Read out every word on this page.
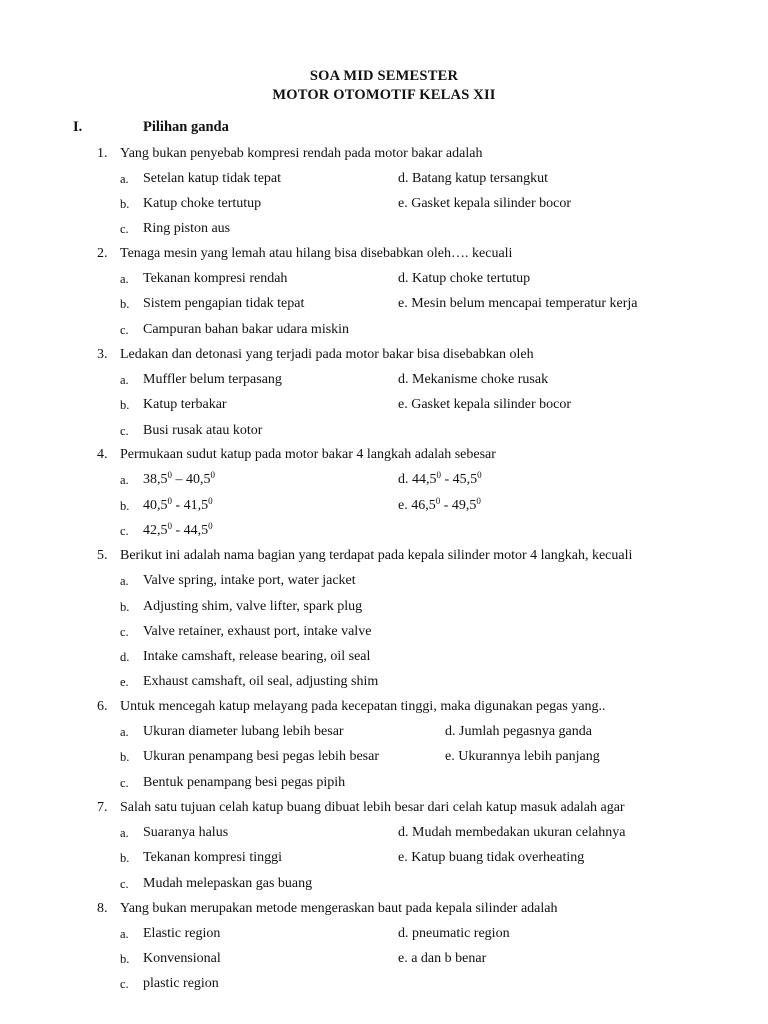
SOA MID SEMESTER
MOTOR OTOMOTIF KELAS XII
I.	Pilihan ganda
1. Yang bukan penyebab kompresi rendah pada motor bakar adalah
a. Setelan katup tidak tepat	d. Batang katup tersangkut
b. Katup choke tertutup	e. Gasket kepala silinder bocor
c. Ring piston aus
2. Tenaga mesin yang lemah atau hilang bisa disebabkan oleh…. kecuali
a. Tekanan kompresi rendah	d. Katup choke tertutup
b. Sistem pengapian tidak tepat	e. Mesin belum mencapai temperatur kerja
c. Campuran bahan bakar udara miskin
3. Ledakan dan detonasi yang terjadi pada motor bakar bisa disebabkan oleh
a. Muffler belum terpasang	d. Mekanisme choke rusak
b. Katup terbakar	e. Gasket kepala silinder bocor
c. Busi rusak atau kotor
4. Permukaan sudut katup pada motor bakar 4 langkah adalah sebesar
a. 38,5$^0$ – 40,5$^0$	d. 44,5$^0$ - 45,5$^0$
b. 40,5$^0$ - 41,5$^0$	e. 46,5$^0$ - 49,5$^0$
c. 42,5$^0$ - 44,5$^0$
5. Berikut ini adalah nama bagian yang terdapat pada kepala silinder motor 4 langkah, kecuali
a. Valve spring, intake port, water jacket
b. Adjusting shim, valve lifter, spark plug
c. Valve retainer, exhaust port, intake valve
d. Intake camshaft, release bearing, oil seal
e. Exhaust camshaft, oil seal, adjusting shim
6. Untuk mencegah katup melayang pada kecepatan tinggi, maka digunakan pegas yang..
a. Ukuran diameter lubang lebih besar	d. Jumlah pegasnya ganda
b. Ukuran penampang besi pegas lebih besar	e. Ukurannya lebih panjang
c. Bentuk penampang besi pegas pipih
7. Salah satu tujuan celah katup buang dibuat lebih besar dari celah katup masuk adalah agar
a. Suaranya halus	d. Mudah membedakan ukuran celahnya
b. Tekanan kompresi tinggi	e. Katup buang tidak overheating
c. Mudah melepaskan gas buang
8. Yang bukan merupakan metode mengeraskan baut pada kepala silinder adalah
a. Elastic region	d. pneumatic region
b. Konvensional	e. a dan b benar
c. plastic region
